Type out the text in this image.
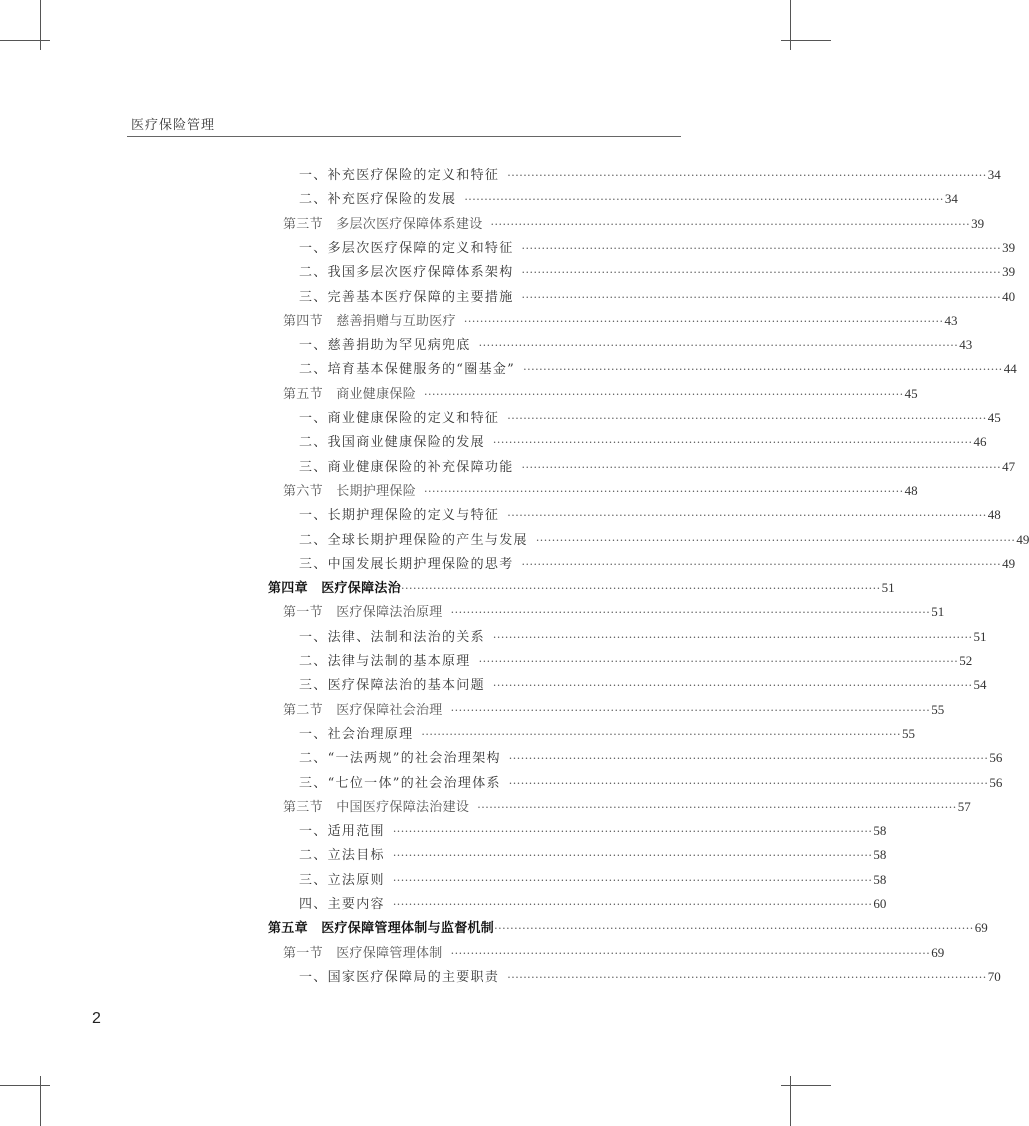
医疗保险管理
一、补充医疗保险的定义和特征 ························································································································ 34
二、补充医疗保险的发展 ························································································································ 34
第三节　多层次医疗保障体系建设 ························································································································ 39
一、多层次医疗保障的定义和特征 ························································································································ 39
二、我国多层次医疗保障体系架构 ························································································································ 39
三、完善基本医疗保障的主要措施 ························································································································ 40
第四节　慈善捐赠与互助医疗 ························································································································ 43
一、慈善捐助为罕见病兜底 ························································································································ 43
二、培育基本保健服务的“圈基金” ························································································································ 44
第五节　商业健康保险 ························································································································ 45
一、商业健康保险的定义和特征 ························································································································ 45
二、我国商业健康保险的发展 ························································································································ 46
三、商业健康保险的补充保障功能 ························································································································ 47
第六节　长期护理保险 ························································································································ 48
一、长期护理保险的定义与特征 ························································································································ 48
二、全球长期护理保险的产生与发展 ························································································································ 49
三、中国发展长期护理保险的思考 ························································································································ 49
第四章　医疗保障法治 ························································································································ 51
第一节　医疗保障法治原理 ························································································································ 51
一、法律、法制和法治的关系 ························································································································ 51
二、法律与法制的基本原理 ························································································································ 52
三、医疗保障法治的基本问题 ························································································································ 54
第二节　医疗保障社会治理 ························································································································ 55
一、社会治理原理 ························································································································ 55
二、“一法两规”的社会治理架构 ························································································································ 56
三、“七位一体”的社会治理体系 ························································································································ 56
第三节　中国医疗保障法治建设 ························································································································ 57
一、适用范围 ························································································································ 58
二、立法目标 ························································································································ 58
三、立法原则 ························································································································ 58
四、主要内容 ························································································································ 60
第五章　医疗保障管理体制与监督机制 ························································································································ 69
第一节　医疗保障管理体制 ························································································································ 69
一、国家医疗保障局的主要职责 ························································································································ 70
2
